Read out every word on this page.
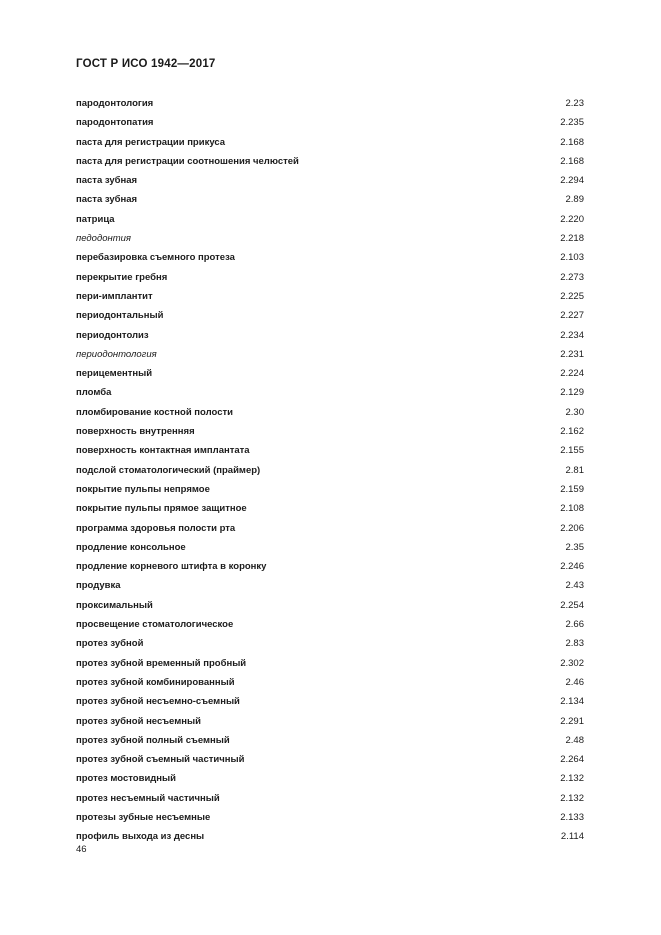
ГОСТ Р ИСО 1942—2017
пародонтология	2.23
пародонтопатия	2.235
паста для регистрации прикуса	2.168
паста для регистрации соотношения челюстей	2.168
паста зубная	2.294
паста зубная	2.89
патрица	2.220
педодонтия	2.218
перебазировка съемного протеза	2.103
перекрытие гребня	2.273
пери-имплантит	2.225
периодонтальный	2.227
периодонтолиз	2.234
периодонтология	2.231
перицементный	2.224
пломба	2.129
пломбирование костной полости	2.30
поверхность внутренняя	2.162
поверхность контактная имплантата	2.155
подслой стоматологический (праймер)	2.81
покрытие пульпы непрямое	2.159
покрытие пульпы прямое защитное	2.108
программа здоровья полости рта	2.206
продление консольное	2.35
продление корневого штифта в коронку	2.246
продувка	2.43
проксимальный	2.254
просвещение стоматологическое	2.66
протез зубной	2.83
протез зубной временный пробный	2.302
протез зубной комбинированный	2.46
протез зубной несъемно-съемный	2.134
протез зубной несъемный	2.291
протез зубной полный съемный	2.48
протез зубной съемный частичный	2.264
протез мостовидный	2.132
протез несъемный частичный	2.132
протезы зубные несъемные	2.133
профиль выхода из десны	2.114
46
